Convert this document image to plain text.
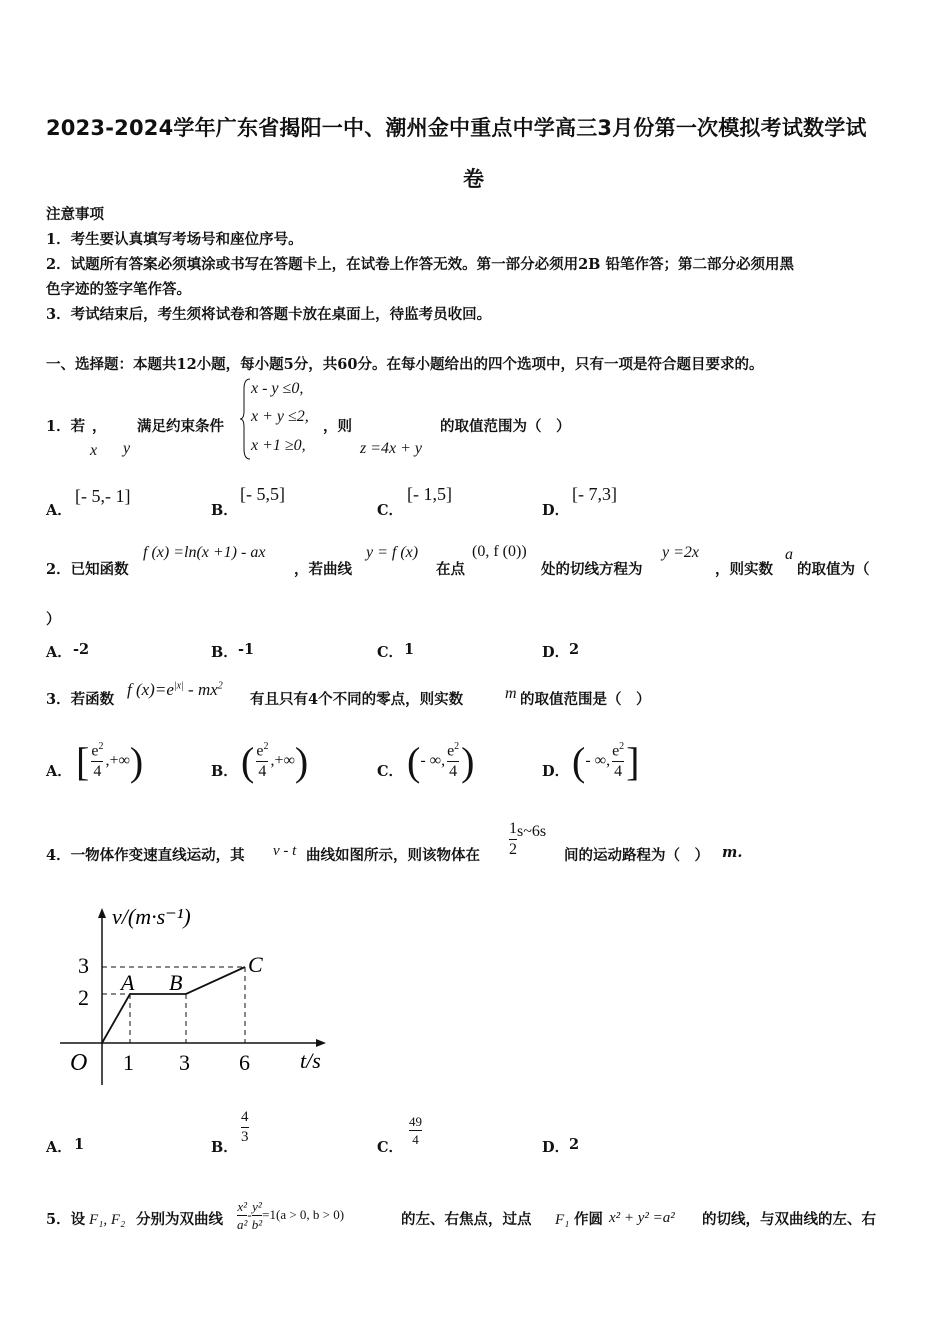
2023-2024学年广东省揭阳一中、潮州金中重点中学高三3月份第一次模拟考试数学试
卷
注意事项
1．考生要认真填写考场号和座位序号。
2．试题所有答案必须填涂或书写在答题卡上，在试卷上作答无效。第一部分必须用2B 铅笔作答；第二部分必须用黑
色字迹的签字笔作答。
3．考试结束后，考生须将试卷和答题卡放在桌面上，待监考员收回。
一、选择题：本题共12小题，每小题5分，共60分。在每小题给出的四个选项中，只有一项是符合题目要求的。
1．若 ， 满足约束条件
x y
x - y ≤0,
x + y ≤2,
x +1 ≥0,
，则
z =4x + y
的取值范围为（　）
A．
[- 5,- 1]
B．
[- 5,5]
C．
[- 1,5]
D．
[- 7,3]
2．已知函数
f (x) =ln(x +1) - ax
，若曲线
y = f (x)
在点
(0, f (0))
处的切线方程为
y =2x
，则实数
a
的取值为（
）
A． -2	B． -1	C． 1	D． 2
3．若函数
f $(x)=e^{|x|} - mx^2$
有且只有4个不同的零点，则实数	m 的取值范围是（　）
A． [ $\frac{e^2}{4}$ ,+∞ )	B． ( $\frac{e^2}{4}$ ,+∞ )	C． ( - ∞, $\frac{e^2}{4}$ )	D． ( - ∞, $\frac{e^2}{4}$ ]
4．一物体作变速直线运动，其 v - t 曲线如图所示，则该物体在 $\frac{1}{2}$ s~6s
间的运动路程为（　） m.
v/(m·s⁻¹)
t/s
O
3
2
1 3 6
A B
C
A． 1	B．
$\frac{4}{3}$
C．
$\frac{49}{4}$
D． 2
5．设 F₁, F₂ 分别为双曲线 $\frac{\text{x²}}{\text{a²}} - \frac{\text{y²}}{\text{b²}} =1(a > 0$, b > 0)	的左、右焦点，过点 F₁ 作圆 x² + y² =a² 的切线，与双曲线的左、右
